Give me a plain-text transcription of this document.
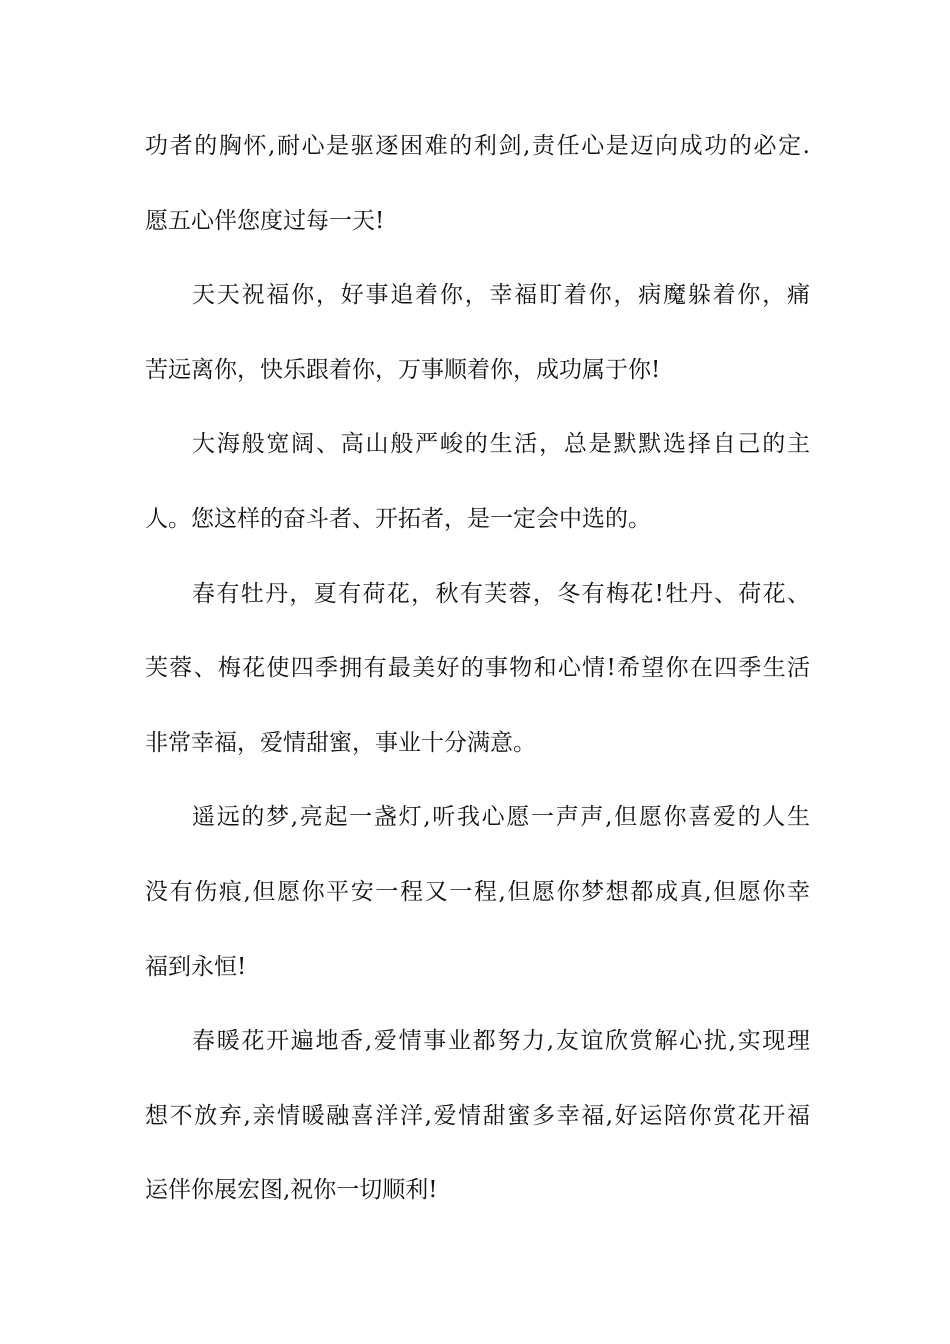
功者的胸怀,耐心是驱逐困难的利剑,责任心是迈向成功的必定.
愿五心伴您度过每一天!
天天祝福你，好事追着你，幸福盯着你，病魔躲着你，痛
苦远离你，快乐跟着你，万事顺着你，成功属于你!
大海般宽阔、高山般严峻的生活，总是默默选择自己的主
人。您这样的奋斗者、开拓者，是一定会中选的。
春有牡丹，夏有荷花，秋有芙蓉，冬有梅花!牡丹、荷花、
芙蓉、梅花使四季拥有最美好的事物和心情!希望你在四季生活
非常幸福，爱情甜蜜，事业十分满意。
遥远的梦,亮起一盏灯,听我心愿一声声,但愿你喜爱的人生
没有伤痕,但愿你平安一程又一程,但愿你梦想都成真,但愿你幸
福到永恒!
春暖花开遍地香,爱情事业都努力,友谊欣赏解心扰,实现理
想不放弃,亲情暖融喜洋洋,爱情甜蜜多幸福,好运陪你赏花开福
运伴你展宏图,祝你一切顺利!
